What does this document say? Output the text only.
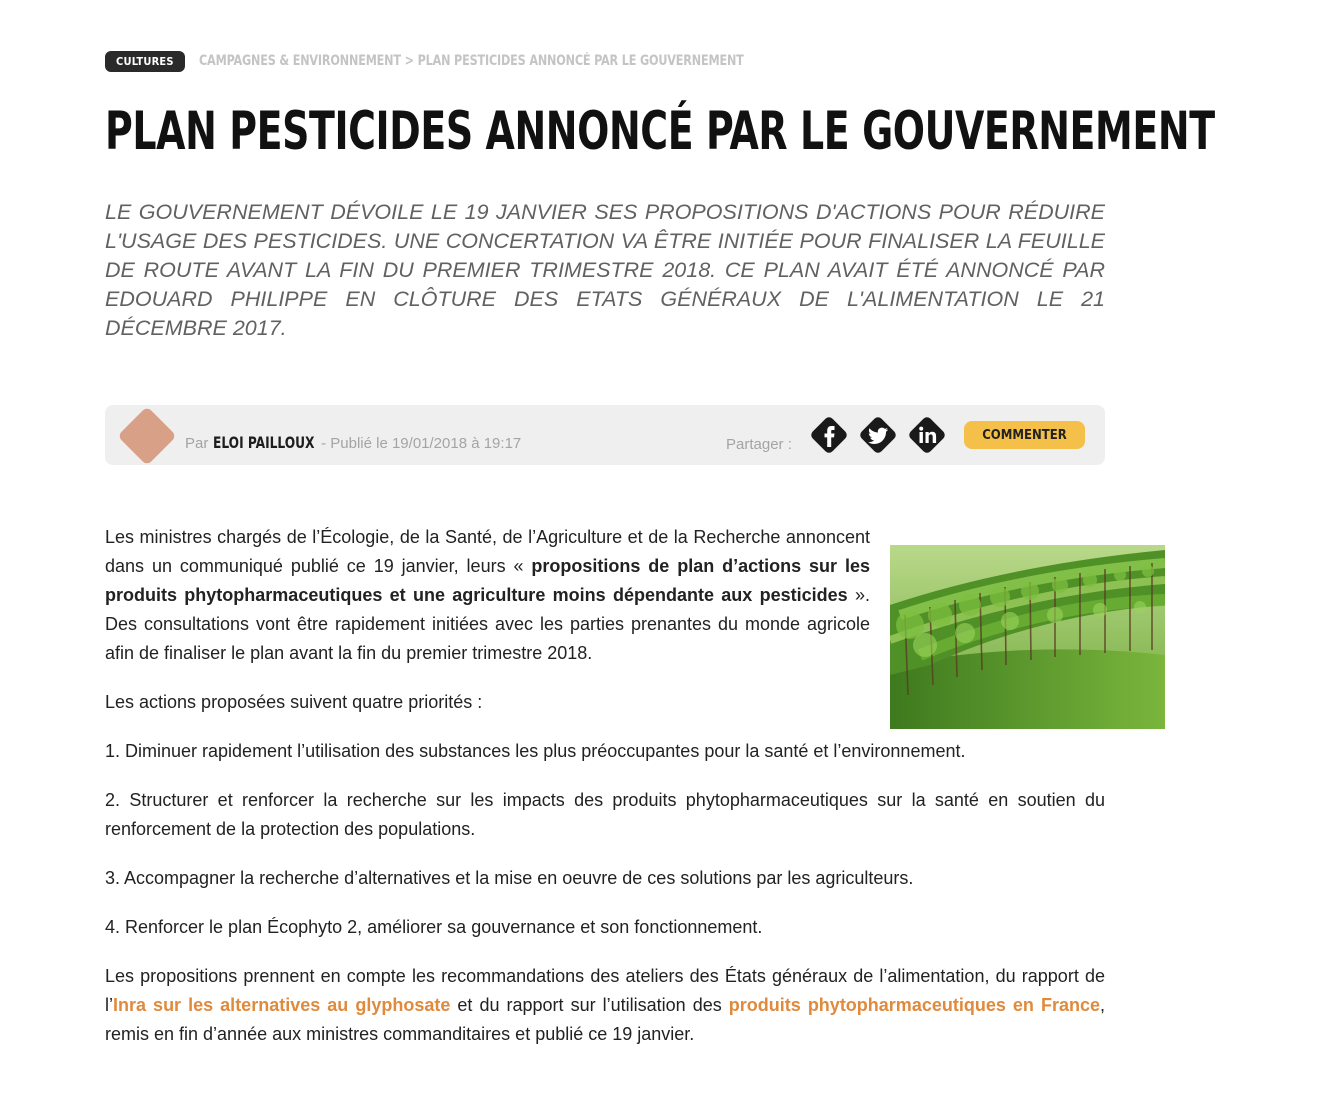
CULTURES	CAMPAGNES & ENVIRONNEMENT > PLAN PESTICIDES ANNONCÉ PAR LE GOUVERNEMENT
PLAN PESTICIDES ANNONCÉ PAR LE GOUVERNEMENT

LE GOUVERNEMENT DÉVOILE LE 19 JANVIER SES PROPOSITIONS D'ACTIONS POUR RÉDUIRE L'USAGE DES PESTICIDES. UNE CONCERTATION VA ÊTRE INITIÉE POUR FINALISER LA FEUILLE DE ROUTE AVANT LA FIN DU PREMIER TRIMESTRE 2018. CE PLAN AVAIT ÉTÉ ANNONCÉ PAR EDOUARD PHILIPPE EN CLÔTURE DES ETATS GÉNÉRAUX DE L'ALIMENTATION LE 21 DÉCEMBRE 2017.

Par ELOI PAILLOUX - Publié le 19/01/2018 à 19:17	Partager :
COMMENTER

Les ministres chargés de l’Écologie, de la Santé, de l’Agriculture et de la Recherche annoncent dans un communiqué publié ce 19 janvier, leurs « propositions de plan d’actions sur les produits phytopharmaceutiques et une agriculture moins dépendante aux pesticides ». Des consultations vont être rapidement initiées avec les parties prenantes du monde agricole afin de finaliser le plan avant la fin du premier trimestre 2018.

Les actions proposées suivent quatre priorités :

1. Diminuer rapidement l’utilisation des substances les plus préoccupantes pour la santé et l’environnement.

2. Structurer et renforcer la recherche sur les impacts des produits phytopharmaceutiques sur la santé en soutien du renforcement de la protection des populations.

3. Accompagner la recherche d’alternatives et la mise en oeuvre de ces solutions par les agriculteurs.

4. Renforcer le plan Écophyto 2, améliorer sa gouvernance et son fonctionnement.

Les propositions prennent en compte les recommandations des ateliers des États généraux de l’alimentation, du rapport de l’Inra sur les alternatives au glyphosate et du rapport sur l’utilisation des produits phytopharmaceutiques en France, remis en fin d’année aux ministres commanditaires et publié ce 19 janvier.
